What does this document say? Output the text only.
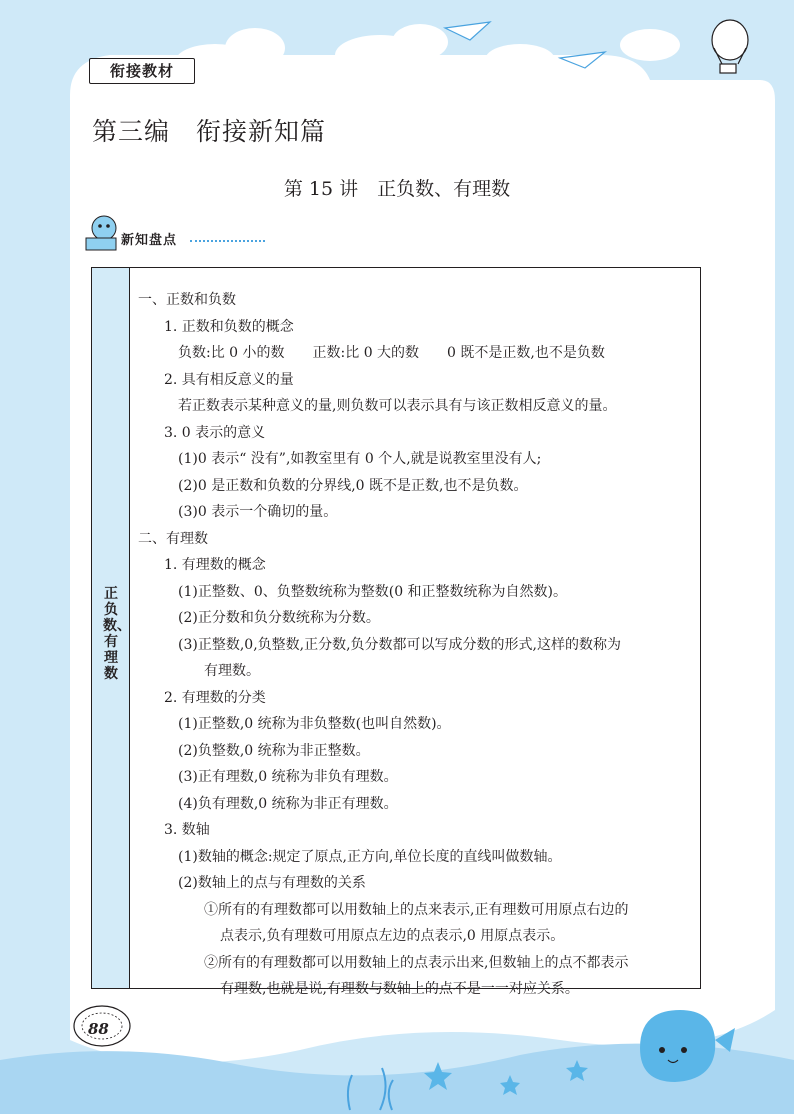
衔接教材
第三编　衔接新知篇
第 15 讲　正负数、有理数
新知盘点
正负数、有理数
一、正数和负数
1. 正数和负数的概念
负数:比 0 小的数　　正数:比 0 大的数　　0 既不是正数,也不是负数
2. 具有相反意义的量
若正数表示某种意义的量,则负数可以表示具有与该正数相反意义的量。
3. 0 表示的意义
(1)0 表示“ 没有”,如教室里有 0 个人,就是说教室里没有人;
(2)0 是正数和负数的分界线,0 既不是正数,也不是负数。
(3)0 表示一个确切的量。
二、有理数
1. 有理数的概念
(1)正整数、0、负整数统称为整数(0 和正整数统称为自然数)。
(2)正分数和负分数统称为分数。
(3)正整数,0,负整数,正分数,负分数都可以写成分数的形式,这样的数称为
有理数。
2. 有理数的分类
(1)正整数,0 统称为非负整数(也叫自然数)。
(2)负整数,0 统称为非正整数。
(3)正有理数,0 统称为非负有理数。
(4)负有理数,0 统称为非正有理数。
3. 数轴
(1)数轴的概念:规定了原点,正方向,单位长度的直线叫做数轴。
(2)数轴上的点与有理数的关系
①所有的有理数都可以用数轴上的点来表示,正有理数可用原点右边的
点表示,负有理数可用原点左边的点表示,0 用原点表示。
②所有的有理数都可以用数轴上的点表示出来,但数轴上的点不都表示
有理数,也就是说,有理数与数轴上的点不是一一对应关系。
88
